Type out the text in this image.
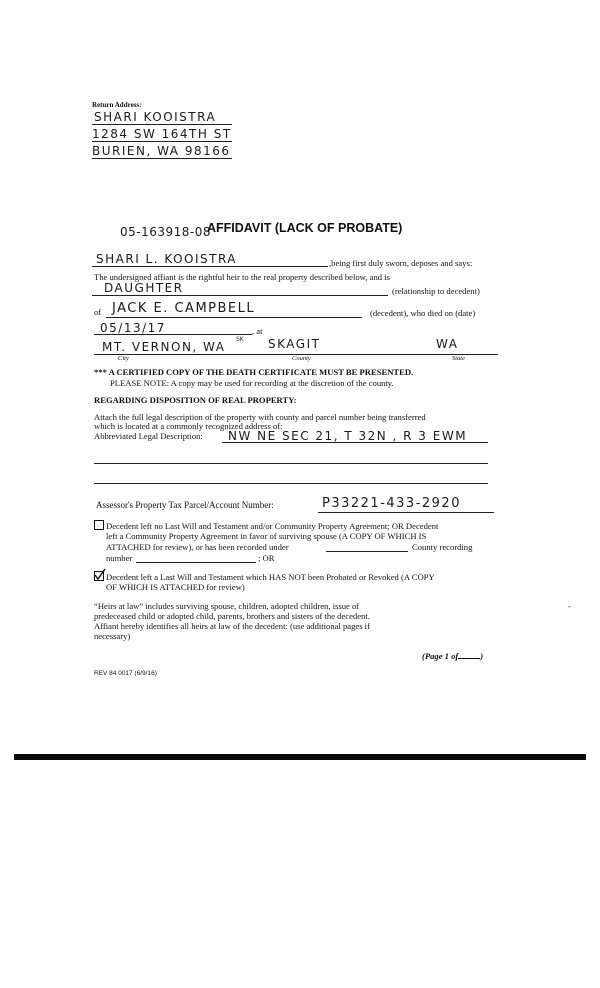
Return Address:
SHARI KOOISTRA
1284 SW 164TH ST
BURIEN, WA 98166
05-163918-08
AFFIDAVIT (LACK OF PROBATE)
SHARI L. KOOISTRA	,being first duly sworn, deposes and says:
The undersigned affiant is the rightful heir to the real property described below, and is
DAUGHTER	(relationship to decedent)
of JACK E. CAMPBELL	(decedent), who died on (date)
05/13/17	, at
MT. VERNON, WA
SK SKAGIT	WA
City	County	State
*** A CERTIFIED COPY OF THE DEATH CERTIFICATE MUST BE PRESENTED.
PLEASE NOTE: A copy may be used for recording at the discretion of the county.
REGARDING DISPOSITION OF REAL PROPERTY:
Attach the full legal description of the property with county and parcel number being transferred
which is located at a commonly recognized address of:
Abbreviated Legal Description: NW NE SEC 21, T 32N , R 3 EWM
Assessor's Property Tax Parcel/Account Number:	P33221-433-2920
Decedent left no Last Will and Testament and/or Community Property Agreement; OR Decedent
left a Community Property Agreement in favor of surviving spouse (A COPY OF WHICH IS
ATTACHED for review), or has been recorded under	County recording
number	; OR
Decedent left a Last Will and Testament which HAS NOT been Probated or Revoked (A COPY
OF WHICH IS ATTACHED for review)
-
“Heirs at law” includes surviving spouse, children, adopted children, issue of
predeceased child or adopted child, parents, brothers and sisters of the decedent.
Affiant hereby identifies all heirs at law of the decedent: (use additional pages if
necessary)
(Page 1 of	)
REV 84 0017 (6/9/16)
